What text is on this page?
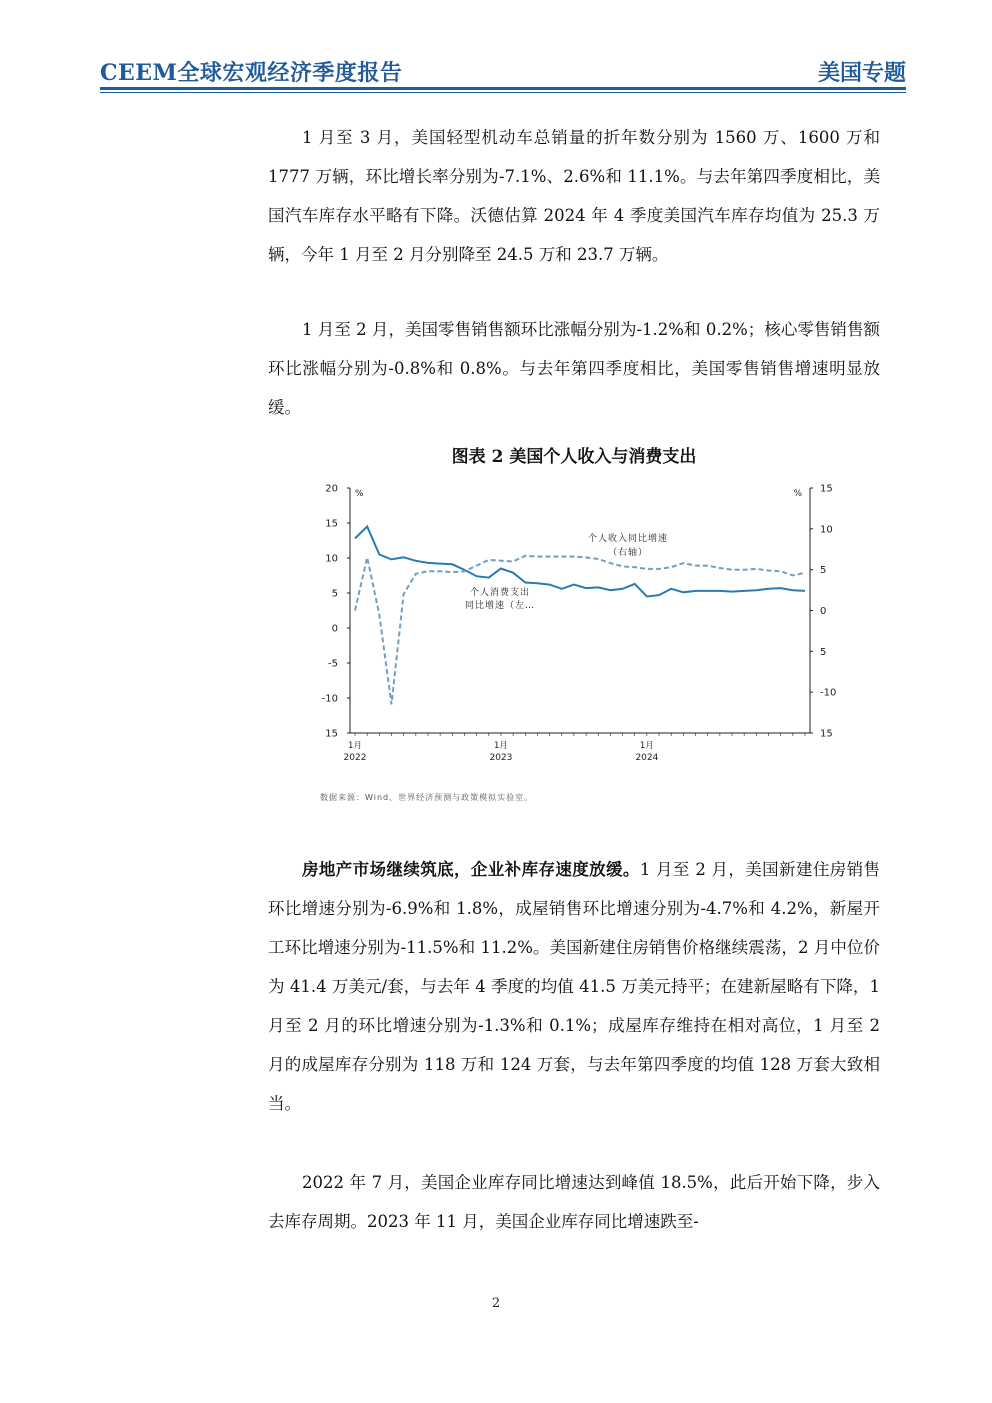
CEEM全球宏观经济季度报告	美国专题
1 月至 3 月，美国轻型机动车总销量的折年数分别为 1560 万、1600 万和 1777 万辆，环比增长率分别为-7.1%、2.6%和 11.1%。与去年第四季度相比，美国汽车库存水平略有下降。沃德估算 2024 年 4 季度美国汽车库存均值为 25.3 万辆，今年 1 月至 2 月分别降至 24.5 万和 23.7 万辆。
1 月至 2 月，美国零售销售额环比涨幅分别为-1.2%和 0.2%；核心零售销售额环比涨幅分别为-0.8%和 0.8%。与去年第四季度相比，美国零售销售增速明显放缓。
图表 2 美国个人收入与消费支出
20
15
10
5
0
-5
-10
15
%	15
10
5
0
5
-10
15
%
1月
2022
1月
2023
1月
2024
个人收入同比增速
（右轴）
个人消费支出
同比增速（左…
数据来源：Wind、世界经济预测与政策模拟实验室。
房地产市场继续筑底，企业补库存速度放缓。1 月至 2 月，美国新建住房销售环比增速分别为-6.9%和 1.8%，成屋销售环比增速分别为-4.7%和 4.2%，新屋开工环比增速分别为-11.5%和 11.2%。美国新建住房销售价格继续震荡，2 月中位价为 41.4 万美元/套，与去年 4 季度的均值 41.5 万美元持平；在建新屋略有下降，1 月至 2 月的环比增速分别为-1.3%和 0.1%；成屋库存维持在相对高位，1 月至 2 月的成屋库存分别为 118 万和 124 万套，与去年第四季度的均值 128 万套大致相当。
2022 年 7 月，美国企业库存同比增速达到峰值 18.5%，此后开始下降，步入去库存周期。2023 年 11 月，美国企业库存同比增速跌至-
2
